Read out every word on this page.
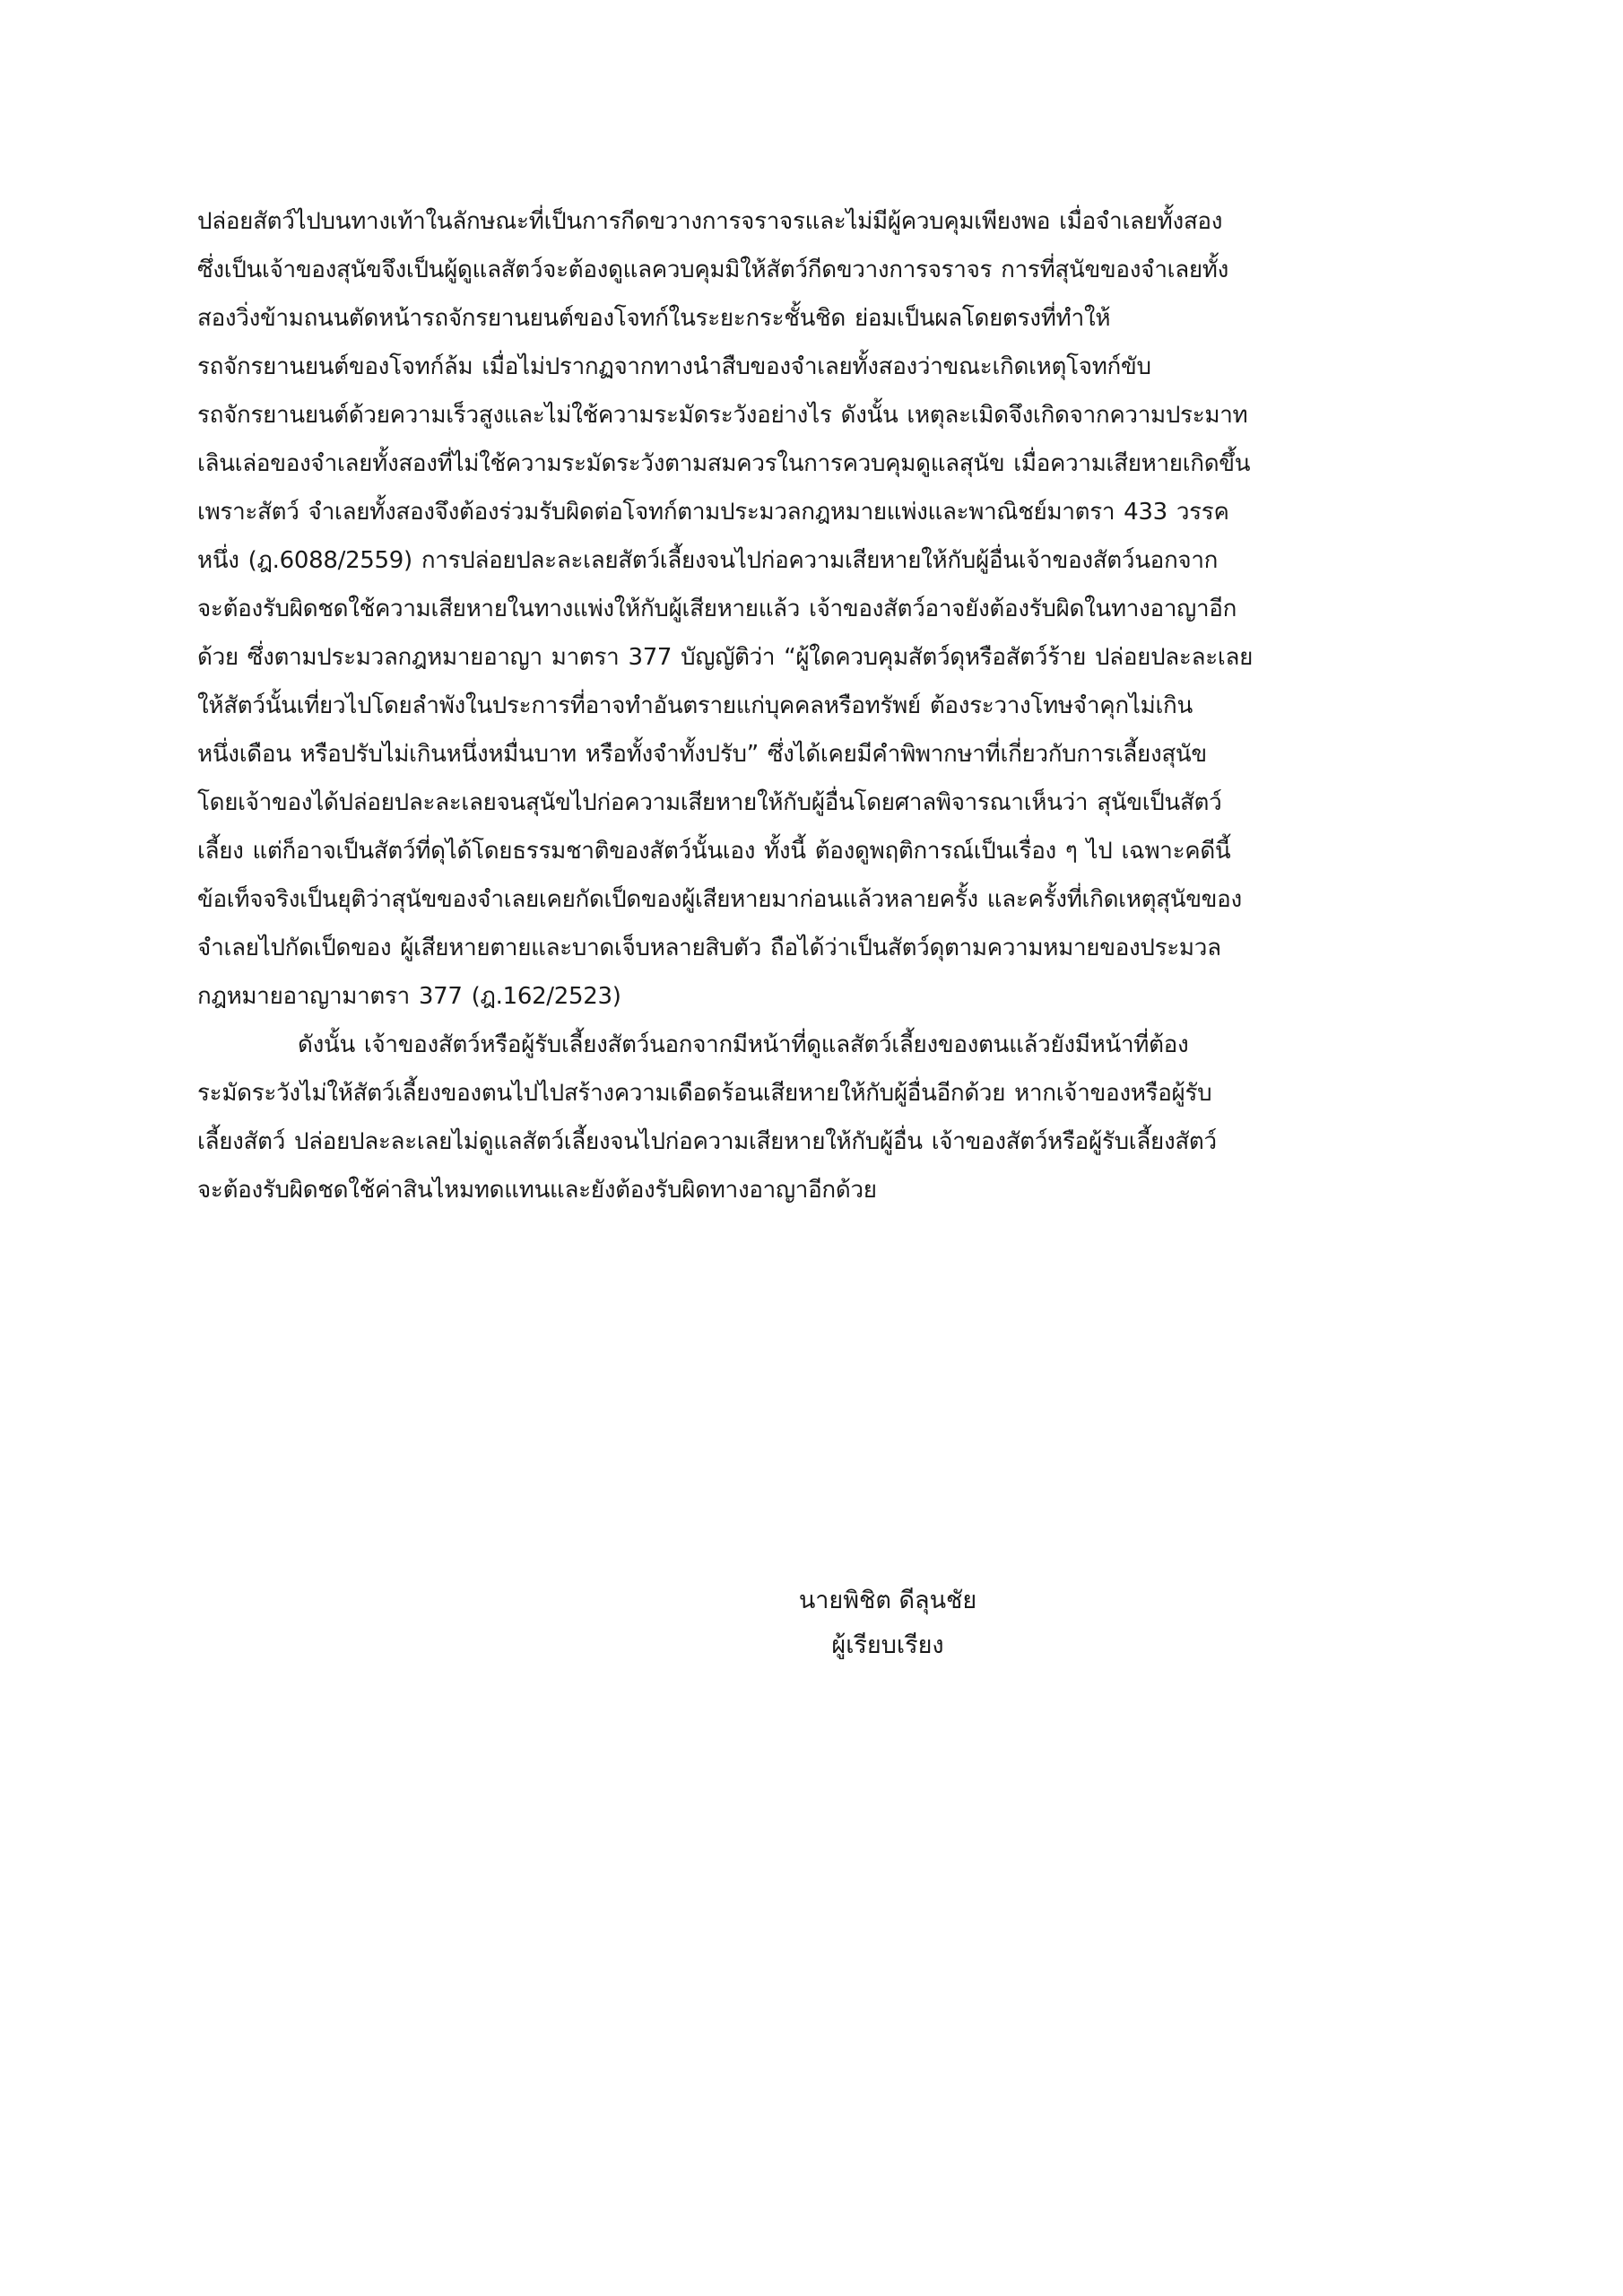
ปล่อยสัตว์ไปบนทางเท้าในลักษณะที่เป็นการกีดขวางการจราจรและไม่มีผู้ควบคุมเพียงพอ เมื่อจำเลยทั้งสอง
ซึ่งเป็นเจ้าของสุนัขจึงเป็นผู้ดูแลสัตว์จะต้องดูแลควบคุมมิให้สัตว์กีดขวางการจราจร การที่สุนัขของจำเลยทั้ง
สองวิ่งข้ามถนนตัดหน้ารถจักรยานยนต์ของโจทก์ในระยะกระชั้นชิด ย่อมเป็นผลโดยตรงที่ทำให้
รถจักรยานยนต์ของโจทก์ล้ม เมื่อไม่ปรากฏจากทางนำสืบของจำเลยทั้งสองว่าขณะเกิดเหตุโจทก์ขับ
รถจักรยานยนต์ด้วยความเร็วสูงและไม่ใช้ความระมัดระวังอย่างไร ดังนั้น เหตุละเมิดจึงเกิดจากความประมาท
เลินเล่อของจำเลยทั้งสองที่ไม่ใช้ความระมัดระวังตามสมควรในการควบคุมดูแลสุนัข เมื่อความเสียหายเกิดขึ้น
เพราะสัตว์ จำเลยทั้งสองจึงต้องร่วมรับผิดต่อโจทก์ตามประมวลกฎหมายแพ่งและพาณิชย์มาตรา 433 วรรค
หนึ่ง (ฎ.6088/2559) การปล่อยปละละเลยสัตว์เลี้ยงจนไปก่อความเสียหายให้กับผู้อื่นเจ้าของสัตว์นอกจาก
จะต้องรับผิดชดใช้ความเสียหายในทางแพ่งให้กับผู้เสียหายแล้ว เจ้าของสัตว์อาจยังต้องรับผิดในทางอาญาอีก
ด้วย ซึ่งตามประมวลกฎหมายอาญา มาตรา 377 บัญญัติว่า “ผู้ใดควบคุมสัตว์ดุหรือสัตว์ร้าย ปล่อยปละละเลย
ให้สัตว์นั้นเที่ยวไปโดยลำพังในประการที่อาจทำอันตรายแก่บุคคลหรือทรัพย์ ต้องระวางโทษจำคุกไม่เกิน
หนึ่งเดือน หรือปรับไม่เกินหนึ่งหมื่นบาท หรือทั้งจำทั้งปรับ” ซึ่งได้เคยมีคำพิพากษาที่เกี่ยวกับการเลี้ยงสุนัข
โดยเจ้าของได้ปล่อยปละละเลยจนสุนัขไปก่อความเสียหายให้กับผู้อื่นโดยศาลพิจารณาเห็นว่า สุนัขเป็นสัตว์
เลี้ยง แต่ก็อาจเป็นสัตว์ที่ดุได้โดยธรรมชาติของสัตว์นั้นเอง ทั้งนี้ ต้องดูพฤติการณ์เป็นเรื่อง ๆ ไป เฉพาะคดีนี้
ข้อเท็จจริงเป็นยุติว่าสุนัขของจำเลยเคยกัดเป็ดของผู้เสียหายมาก่อนแล้วหลายครั้ง และครั้งที่เกิดเหตุสุนัขของ
จำเลยไปกัดเป็ดของ ผู้เสียหายตายและบาดเจ็บหลายสิบตัว ถือได้ว่าเป็นสัตว์ดุตามความหมายของประมวล
กฎหมายอาญามาตรา 377 (ฎ.162/2523)
ดังนั้น เจ้าของสัตว์หรือผู้รับเลี้ยงสัตว์นอกจากมีหน้าที่ดูแลสัตว์เลี้ยงของตนแล้วยังมีหน้าที่ต้อง
ระมัดระวังไม่ให้สัตว์เลี้ยงของตนไปไปสร้างความเดือดร้อนเสียหายให้กับผู้อื่นอีกด้วย หากเจ้าของหรือผู้รับ
เลี้ยงสัตว์ ปล่อยปละละเลยไม่ดูแลสัตว์เลี้ยงจนไปก่อความเสียหายให้กับผู้อื่น เจ้าของสัตว์หรือผู้รับเลี้ยงสัตว์
จะต้องรับผิดชดใช้ค่าสินไหมทดแทนและยังต้องรับผิดทางอาญาอีกด้วย
นายพิชิต ดีลุนชัย
ผู้เรียบเรียง
